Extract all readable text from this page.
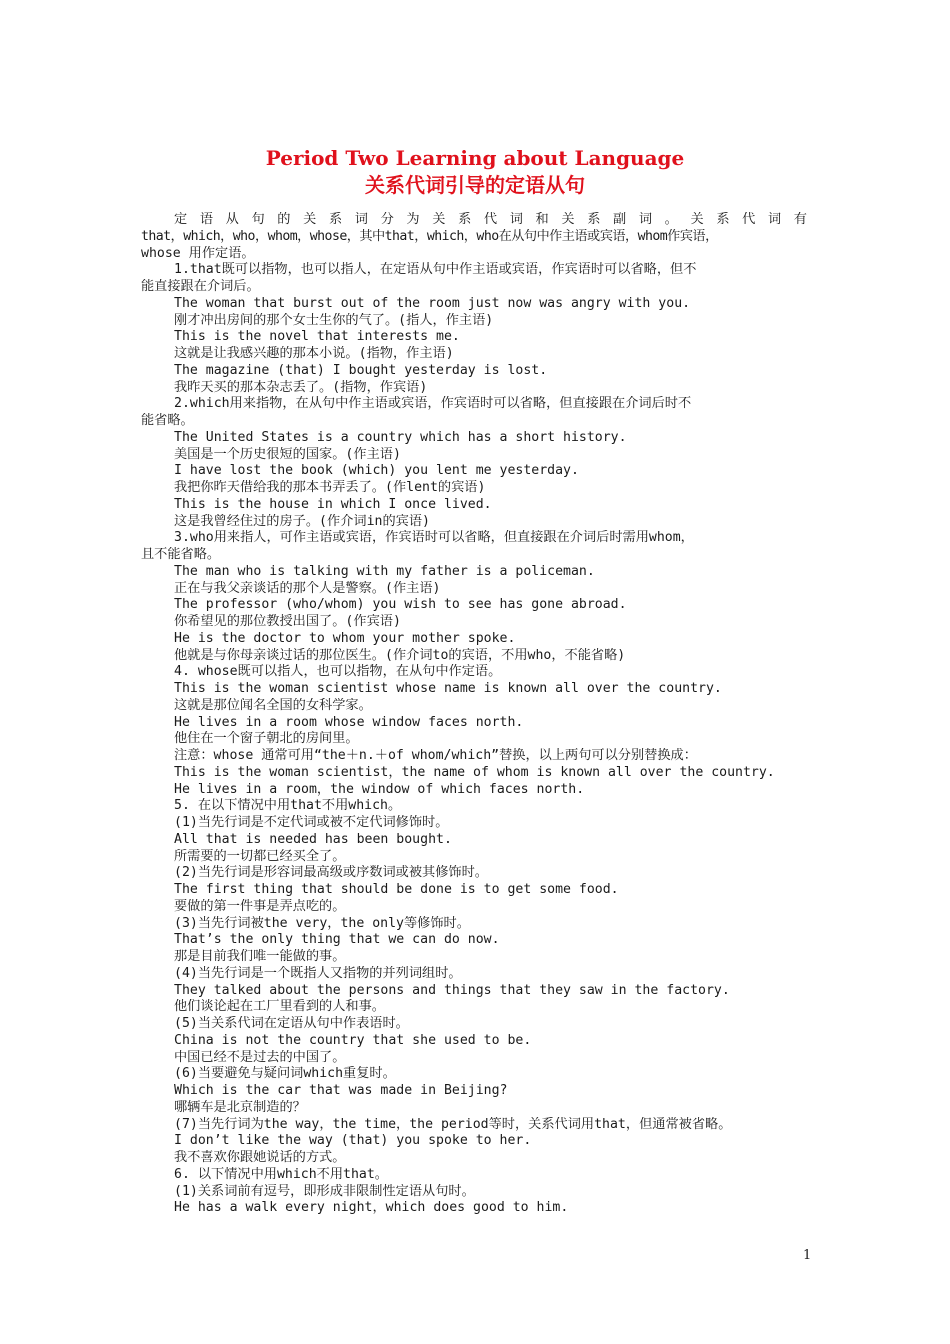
Period Two Learning about Language
关系代词引导的定语从句
定语从句的关系词分为关系代词和关系副词。关系代词有
that，which，who，whom，whose，其中that，which，who在从句中作主语或宾语，whom作宾语，
whose 用作定语。
1.that既可以指物，也可以指人，在定语从句中作主语或宾语，作宾语时可以省略，但不
能直接跟在介词后。
The woman that burst out of the room just now was angry with you.
刚才冲出房间的那个女士生你的气了。(指人，作主语)
This is the novel that interests me.
这就是让我感兴趣的那本小说。(指物，作主语)
The magazine (that) I bought yesterday is lost.
我昨天买的那本杂志丢了。(指物，作宾语)
2.which用来指物，在从句中作主语或宾语，作宾语时可以省略，但直接跟在介词后时不
能省略。
The United States is a country which has a short history.
美国是一个历史很短的国家。(作主语)
I have lost the book (which) you lent me yesterday.
我把你昨天借给我的那本书弄丢了。(作lent的宾语)
This is the house in which I once lived.
这是我曾经住过的房子。(作介词in的宾语)
3.who用来指人，可作主语或宾语，作宾语时可以省略，但直接跟在介词后时需用whom，
且不能省略。
The man who is talking with my father is a policeman.
正在与我父亲谈话的那个人是警察。(作主语)
The professor (who/whom) you wish to see has gone abroad.
你希望见的那位教授出国了。(作宾语)
He is the doctor to whom your mother spoke.
他就是与你母亲谈过话的那位医生。(作介词to的宾语，不用who，不能省略)
4. whose既可以指人，也可以指物，在从句中作定语。
This is the woman scientist whose name is known all over the country.
这就是那位闻名全国的女科学家。
He lives in a room whose window faces north.
他住在一个窗子朝北的房间里。
注意：whose 通常可用“the＋n.＋of whom/which”替换，以上两句可以分别替换成：
This is the woman scientist，the name of whom is known all over the country.
He lives in a room，the window of which faces north.
5. 在以下情况中用that不用which。
(1)当先行词是不定代词或被不定代词修饰时。
All that is needed has been bought.
所需要的一切都已经买全了。
(2)当先行词是形容词最高级或序数词或被其修饰时。
The first thing that should be done is to get some food.
要做的第一件事是弄点吃的。
(3)当先行词被the very，the only等修饰时。
That’s the only thing that we can do now.
那是目前我们唯一能做的事。
(4)当先行词是一个既指人又指物的并列词组时。
They talked about the persons and things that they saw in the factory.
他们谈论起在工厂里看到的人和事。
(5)当关系代词在定语从句中作表语时。
China is not the country that she used to be.
中国已经不是过去的中国了。
(6)当要避免与疑问词which重复时。
Which is the car that was made in Beijing?
哪辆车是北京制造的？
(7)当先行词为the way，the time，the period等时，关系代词用that，但通常被省略。
I don’t like the way (that) you spoke to her.
我不喜欢你跟她说话的方式。
6. 以下情况中用which不用that。
(1)关系词前有逗号，即形成非限制性定语从句时。
He has a walk every night，which does good to him.
1
